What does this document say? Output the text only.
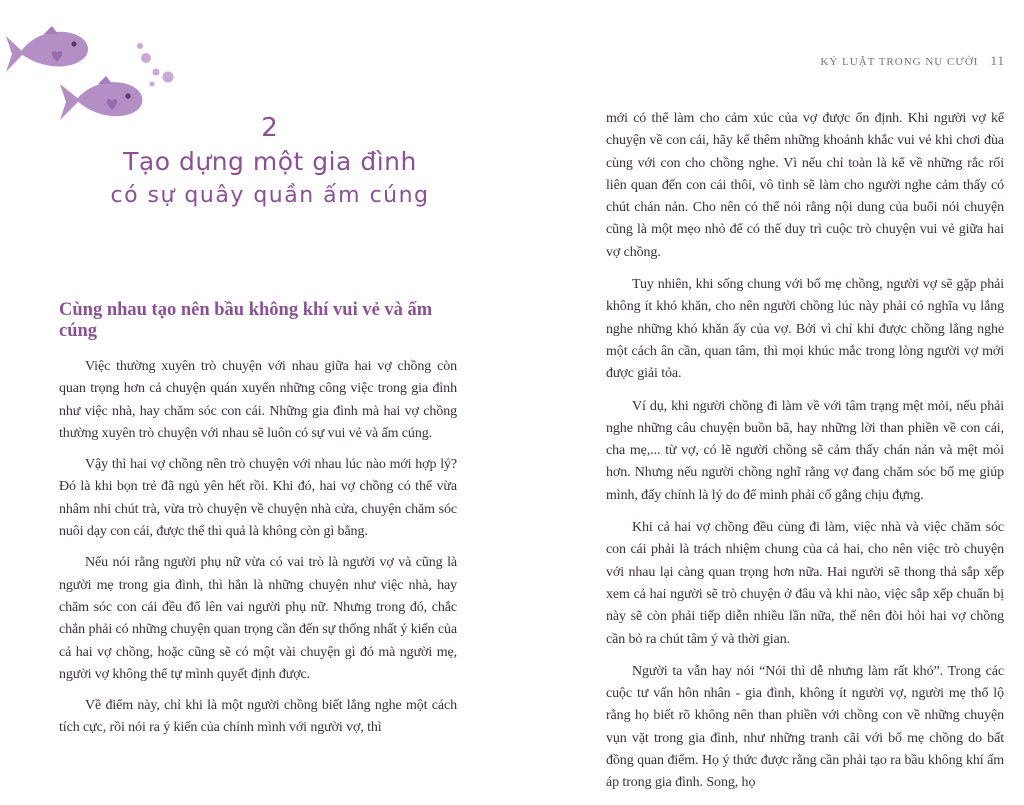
KỶ LUẬT TRONG NỤ CƯỜI 11
2
Tạo dựng một gia đình
có sự quây quần ấm cúng
Cùng nhau tạo nên bầu không khí vui vẻ và ấm cúng

Việc thường xuyên trò chuyện với nhau giữa hai vợ chồng còn quan trọng hơn cả chuyện quán xuyến những công việc trong gia đình như việc nhà, hay chăm sóc con cái. Những gia đình mà hai vợ chồng thường xuyên trò chuyện với nhau sẽ luôn có sự vui vẻ và ấm cúng.

Vậy thì hai vợ chồng nên trò chuyện với nhau lúc nào mới hợp lý? Đó là khi bọn trẻ đã ngủ yên hết rồi. Khi đó, hai vợ chồng có thể vừa nhâm nhi chút trà, vừa trò chuyện về chuyện nhà cửa, chuyện chăm sóc nuôi dạy con cái, được thế thì quả là không còn gì bằng.

Nếu nói rằng người phụ nữ vừa có vai trò là người vợ và cũng là người mẹ trong gia đình, thì hẳn là những chuyện như việc nhà, hay chăm sóc con cái đều đổ lên vai người phụ nữ. Nhưng trong đó, chắc chắn phải có những chuyện quan trọng cần đến sự thống nhất ý kiến của cả hai vợ chồng, hoặc cũng sẽ có một vài chuyện gì đó mà người mẹ, người vợ không thể tự mình quyết định được.

Về điểm này, chỉ khi là một người chồng biết lắng nghe một cách tích cực, rồi nói ra ý kiến của chính mình với người vợ, thì

mới có thể làm cho cảm xúc của vợ được ổn định. Khi người vợ kể chuyện về con cái, hãy kể thêm những khoảnh khắc vui vẻ khi chơi đùa cùng với con cho chồng nghe. Vì nếu chỉ toàn là kể về những rắc rối liên quan đến con cái thôi, vô tình sẽ làm cho người nghe cảm thấy có chút chán nản. Cho nên có thể nói rằng nội dung của buổi nói chuyện cũng là một mẹo nhỏ để có thể duy trì cuộc trò chuyện vui vẻ giữa hai vợ chồng.

Tuy nhiên, khi sống chung với bố mẹ chồng, người vợ sẽ gặp phải không ít khó khăn, cho nên người chồng lúc này phải có nghĩa vụ lắng nghe những khó khăn ấy của vợ. Bởi vì chỉ khi được chồng lắng nghe một cách ân cần, quan tâm, thì mọi khúc mắc trong lòng người vợ mới được giải tỏa.

Ví dụ, khi người chồng đi làm về với tâm trạng mệt mỏi, nếu phải nghe những câu chuyện buồn bã, hay những lời than phiền về con cái, cha mẹ,... từ vợ, có lẽ người chồng sẽ cảm thấy chán nản và mệt mỏi hơn. Nhưng nếu người chồng nghĩ rằng vợ đang chăm sóc bố mẹ giúp mình, đấy chính là lý do để mình phải cố gắng chịu đựng.

Khi cả hai vợ chồng đều cùng đi làm, việc nhà và việc chăm sóc con cái phải là trách nhiệm chung của cả hai, cho nên việc trò chuyện với nhau lại càng quan trọng hơn nữa. Hai người sẽ thong thả sắp xếp xem cả hai người sẽ trò chuyện ở đâu và khi nào, việc sắp xếp chuẩn bị này sẽ còn phải tiếp diễn nhiều lần nữa, thế nên đòi hỏi hai vợ chồng cần bỏ ra chút tâm ý và thời gian.

Người ta vẫn hay nói “Nói thì dễ nhưng làm rất khó”. Trong các cuộc tư vấn hôn nhân - gia đình, không ít người vợ, người mẹ thổ lộ rằng họ biết rõ không nên than phiền với chồng con về những chuyện vụn vặt trong gia đình, như những tranh cãi với bố mẹ chồng do bất đồng quan điểm. Họ ý thức được rằng cần phải tạo ra bầu không khí ấm áp trong gia đình. Song, họ
